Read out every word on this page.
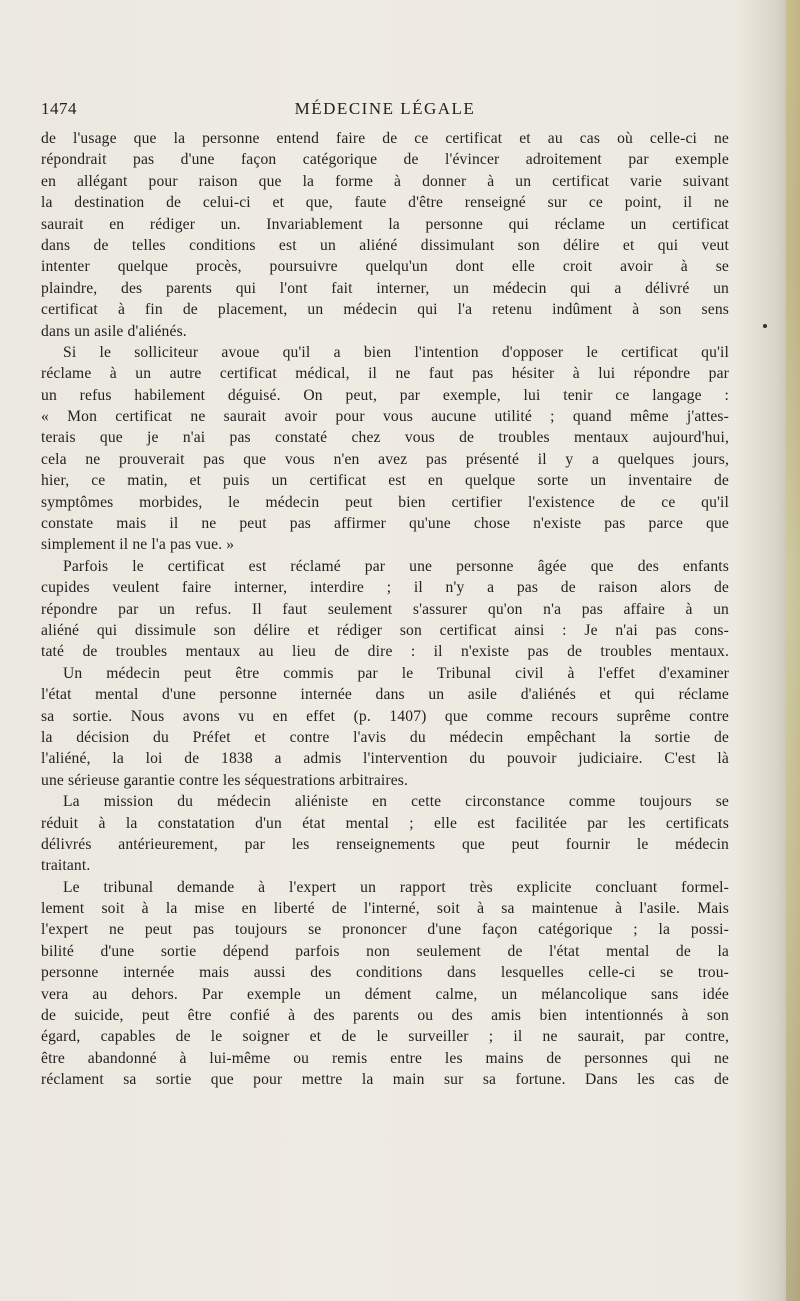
1474	MÉDECINE LÉGALE
de l'usage que la personne entend faire de ce certificat et au cas où celle-ci ne
répondrait pas d'une façon catégorique de l'évincer adroitement par exemple
en allégant pour raison que la forme à donner à un certificat varie suivant
la destination de celui-ci et que, faute d'être renseigné sur ce point, il ne
saurait en rédiger un. Invariablement la personne qui réclame un certificat
dans de telles conditions est un aliéné dissimulant son délire et qui veut
intenter quelque procès, poursuivre quelqu'un dont elle croit avoir à se
plaindre, des parents qui l'ont fait interner, un médecin qui a délivré un
certificat à fin de placement, un médecin qui l'a retenu indûment à son sens
dans un asile d'aliénés.
Si le solliciteur avoue qu'il a bien l'intention d'opposer le certificat qu'il
réclame à un autre certificat médical, il ne faut pas hésiter à lui répondre par
un refus habilement déguisé. On peut, par exemple, lui tenir ce langage :
« Mon certificat ne saurait avoir pour vous aucune utilité ; quand même j'attes-
terais que je n'ai pas constaté chez vous de troubles mentaux aujourd'hui,
cela ne prouverait pas que vous n'en avez pas présenté il y a quelques jours,
hier, ce matin, et puis un certificat est en quelque sorte un inventaire de
symptômes morbides, le médecin peut bien certifier l'existence de ce qu'il
constate mais il ne peut pas affirmer qu'une chose n'existe pas parce que
simplement il ne l'a pas vue. »
Parfois le certificat est réclamé par une personne âgée que des enfants
cupides veulent faire interner, interdire ; il n'y a pas de raison alors de
répondre par un refus. Il faut seulement s'assurer qu'on n'a pas affaire à un
aliéné qui dissimule son délire et rédiger son certificat ainsi : Je n'ai pas cons-
taté de troubles mentaux au lieu de dire : il n'existe pas de troubles mentaux.
Un médecin peut être commis par le Tribunal civil à l'effet d'examiner
l'état mental d'une personne internée dans un asile d'aliénés et qui réclame
sa sortie. Nous avons vu en effet (p. 1407) que comme recours suprême contre
la décision du Préfet et contre l'avis du médecin empêchant la sortie de
l'aliéné, la loi de 1838 a admis l'intervention du pouvoir judiciaire. C'est là
une sérieuse garantie contre les séquestrations arbitraires.
La mission du médecin aliéniste en cette circonstance comme toujours se
réduit à la constatation d'un état mental ; elle est facilitée par les certificats
délivrés antérieurement, par les renseignements que peut fournir le médecin
traitant.
Le tribunal demande à l'expert un rapport très explicite concluant formel-
lement soit à la mise en liberté de l'interné, soit à sa maintenue à l'asile. Mais
l'expert ne peut pas toujours se prononcer d'une façon catégorique ; la possi-
bilité d'une sortie dépend parfois non seulement de l'état mental de la
personne internée mais aussi des conditions dans lesquelles celle-ci se trou-
vera au dehors. Par exemple un dément calme, un mélancolique sans idée
de suicide, peut être confié à des parents ou des amis bien intentionnés à son
égard, capables de le soigner et de le surveiller ; il ne saurait, par contre,
être abandonné à lui-même ou remis entre les mains de personnes qui ne
réclament sa sortie que pour mettre la main sur sa fortune. Dans les cas de
